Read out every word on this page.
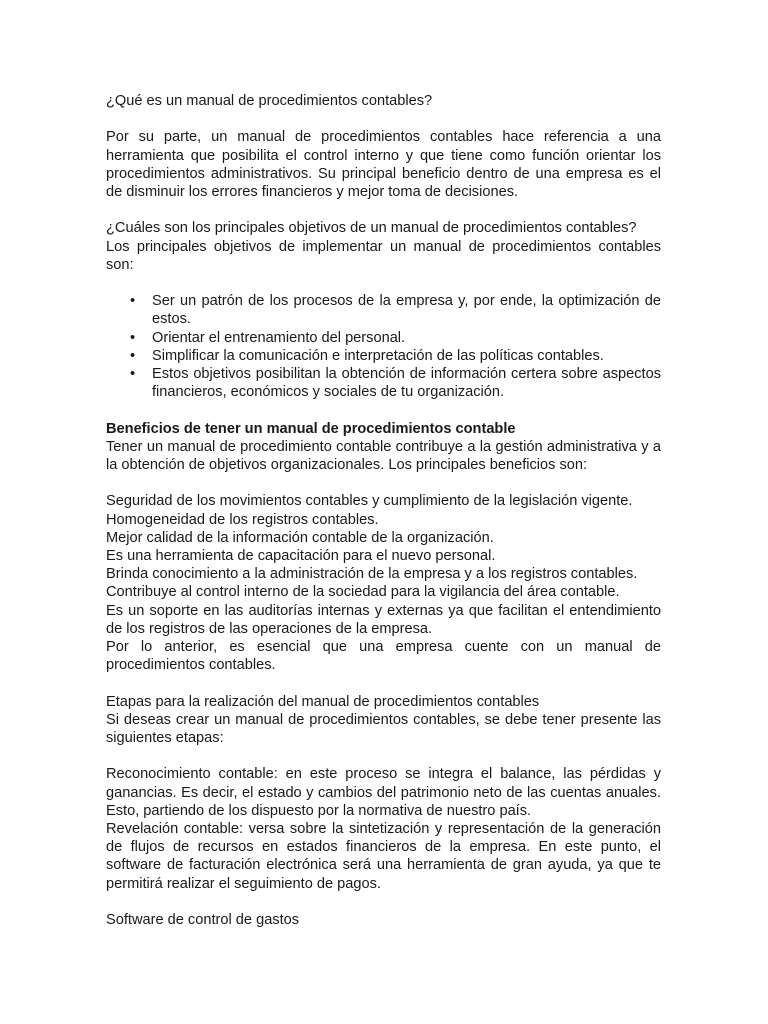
¿Qué es un manual de procedimientos contables?

Por su parte, un manual de procedimientos contables hace referencia a una herramienta que posibilita el control interno y que tiene como función orientar los procedimientos administrativos. Su principal beneficio dentro de una empresa es el de disminuir los errores financieros y mejor toma de decisiones.

¿Cuáles son los principales objetivos de un manual de procedimientos contables?

Los principales objetivos de implementar un manual de procedimientos contables son:

• Ser un patrón de los procesos de la empresa y, por ende, la optimización de estos.
• Orientar el entrenamiento del personal.
• Simplificar la comunicación e interpretación de las políticas contables.
• Estos objetivos posibilitan la obtención de información certera sobre aspectos financieros, económicos y sociales de tu organización.

Beneficios de tener un manual de procedimientos contable

Tener un manual de procedimiento contable contribuye a la gestión administrativa y a la obtención de objetivos organizacionales. Los principales beneficios son:

Seguridad de los movimientos contables y cumplimiento de la legislación vigente.

Homogeneidad de los registros contables.

Mejor calidad de la información contable de la organización.

Es una herramienta de capacitación para el nuevo personal.

Brinda conocimiento a la administración de la empresa y a los registros contables.

Contribuye al control interno de la sociedad para la vigilancia del área contable.

Es un soporte en las auditorías internas y externas ya que facilitan el entendimiento de los registros de las operaciones de la empresa.

Por lo anterior, es esencial que una empresa cuente con un manual de procedimientos contables.

Etapas para la realización del manual de procedimientos contables

Si deseas crear un manual de procedimientos contables, se debe tener presente las siguientes etapas:

Reconocimiento contable: en este proceso se integra el balance, las pérdidas y ganancias. Es decir, el estado y cambios del patrimonio neto de las cuentas anuales. Esto, partiendo de los dispuesto por la normativa de nuestro país.

Revelación contable: versa sobre la sintetización y representación de la generación de flujos de recursos en estados financieros de la empresa. En este punto, el software de facturación electrónica será una herramienta de gran ayuda, ya que te permitirá realizar el seguimiento de pagos.

Software de control de gastos
